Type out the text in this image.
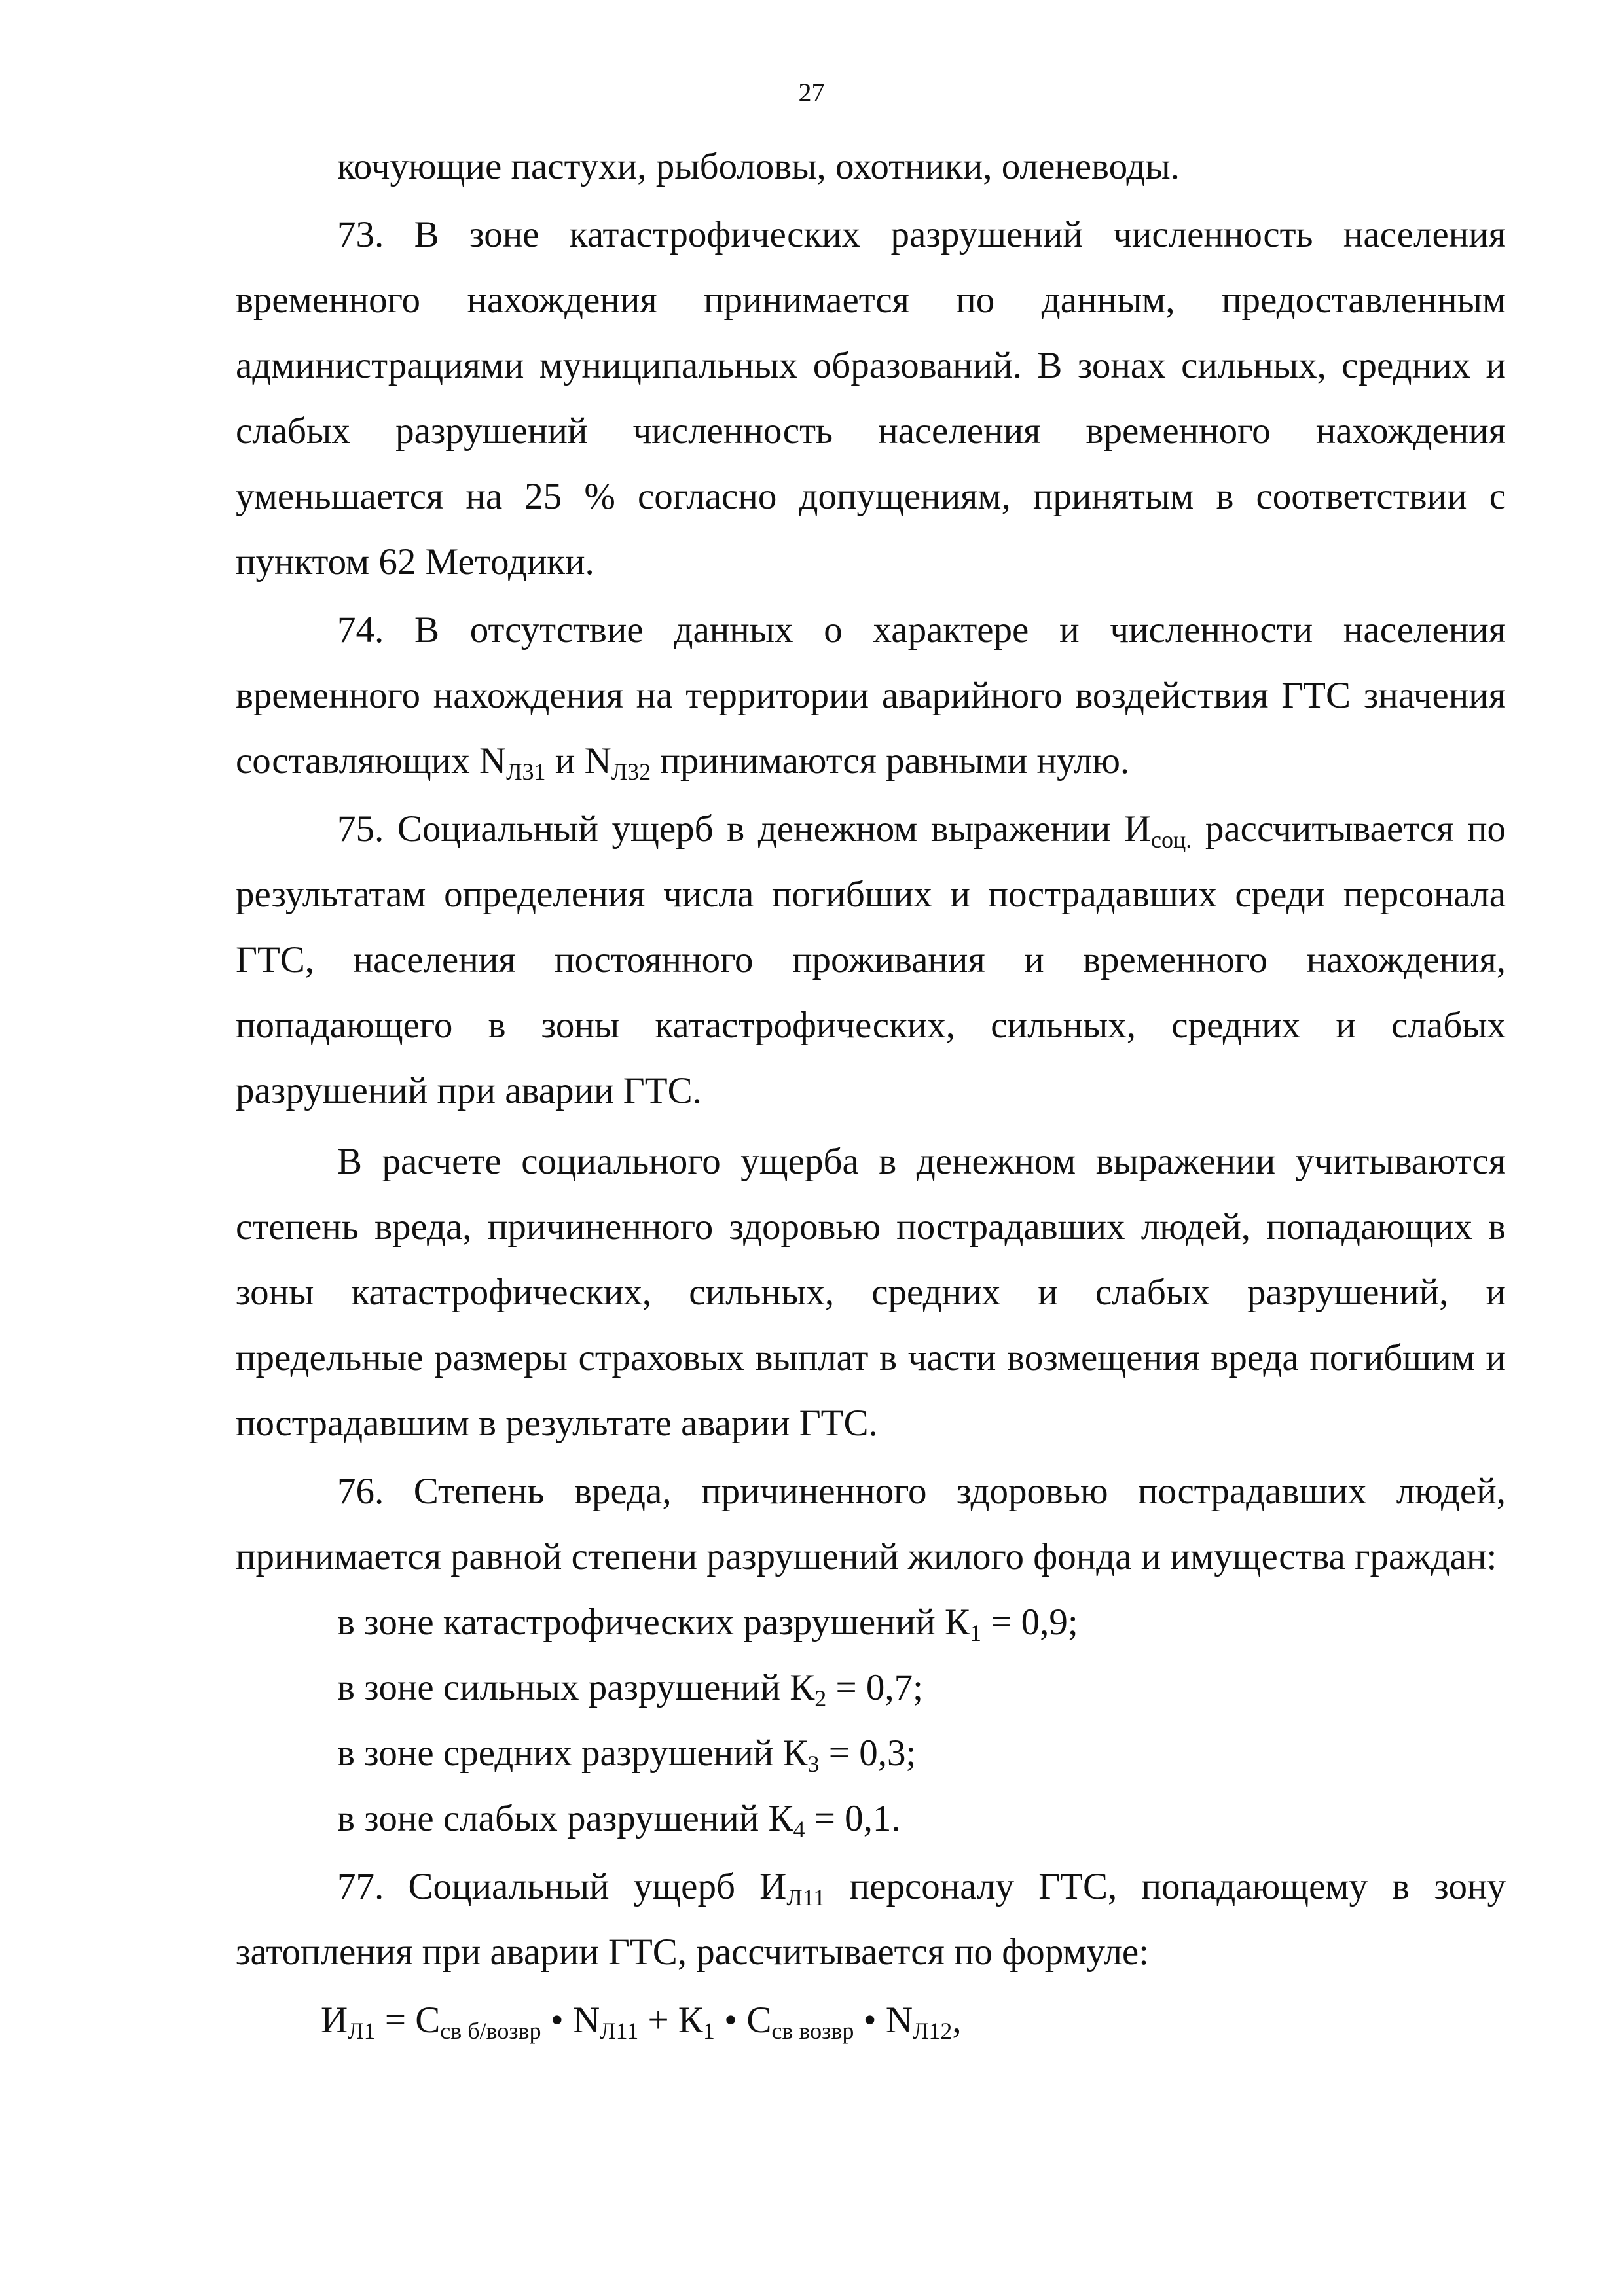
27

кочующие пастухи, рыболовы, охотники, оленеводы.

73. В зоне катастрофических разрушений численность населения временного нахождения принимается по данным, предоставленным администрациями муниципальных образований. В зонах сильных, средних и слабых разрушений численность населения временного нахождения уменьшается на 25 % согласно допущениям, принятым в соответствии с пунктом 62 Методики.

74. В отсутствие данных о характере и численности населения временного нахождения на территории аварийного воздействия ГТС значения составляющих $N_{Л31}$ и $N_{Л32}$ принимаются равными нулю.

75. Социальный ущерб в денежном выражении $И_{соц.}$ рассчитывается по результатам определения числа погибших и пострадавших среди персонала ГТС, населения постоянного проживания и временного нахождения, попадающего в зоны катастрофических, сильных, средних и слабых разрушений при аварии ГТС.

В расчете социального ущерба в денежном выражении учитываются степень вреда, причиненного здоровью пострадавших людей, попадающих в зоны катастрофических, сильных, средних и слабых разрушений, и предельные размеры страховых выплат в части возмещения вреда погибшим и пострадавшим в результате аварии ГТС.

76. Степень вреда, причиненного здоровью пострадавших людей, принимается равной степени разрушений жилого фонда и имущества граждан:

в зоне катастрофических разрушений $К_1 = 0,9$;

в зоне сильных разрушений $К_2 = 0,7$;

в зоне средних разрушений $К_3 = 0,3$;

в зоне слабых разрушений $К_4 = 0,1$.

77. Социальный ущерб $И_{Л11}$ персоналу ГТС, попадающему в зону затопления при аварии ГТС, рассчитывается по формуле:

$И_{Л1} = С_{св б/возвр}$ • $N_{Л11} + К_1$ • $С_{св возвр}$ • $N_{Л12}$,
